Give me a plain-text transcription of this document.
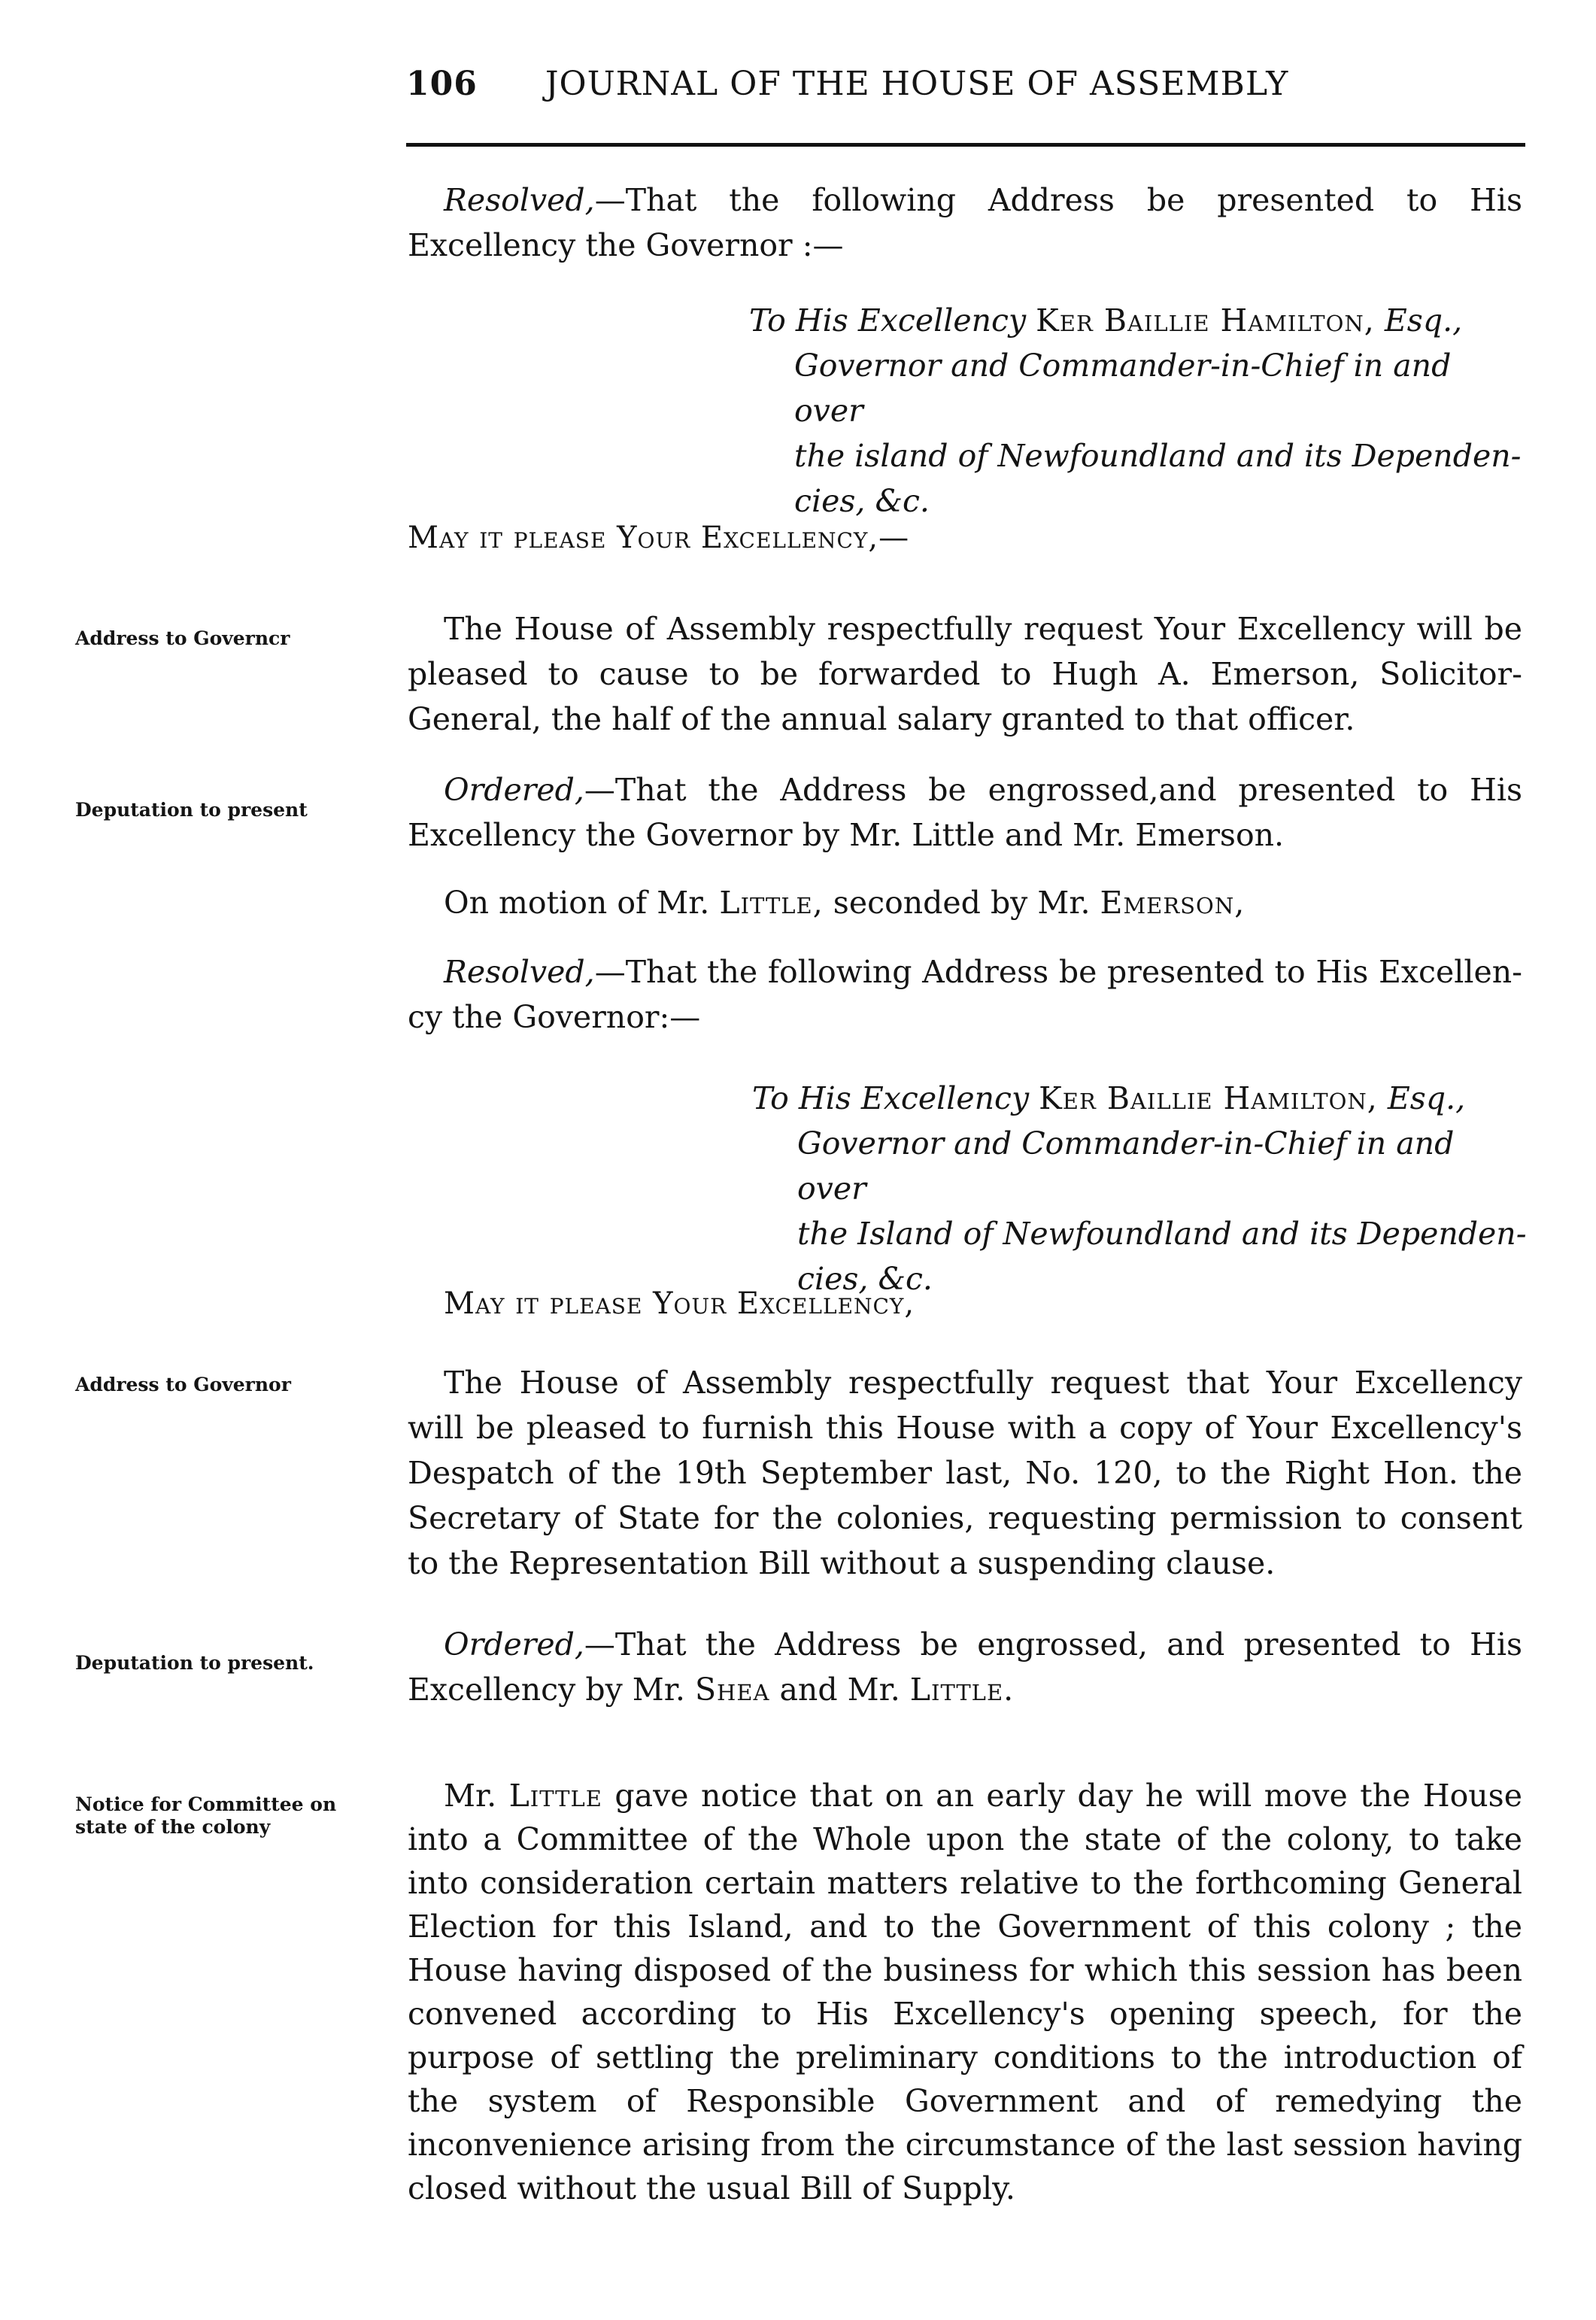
106 JOURNAL OF THE HOUSE OF ASSEMBLY
Resolved,—That the following Address be presented to His Excellency the Governor :—
To His Excellency Ker Baillie Hamilton, Esq.,
Governor and Commander-in-Chief in and over
the island of Newfoundland and its Dependen-
cies, &c.
May it please Your Excellency,—
Address to Governcr	The House of Assembly respectfully request Your Excellency will be pleased to cause to be forwarded to Hugh A. Emerson, Solicitor-General, the half of the annual salary granted to that officer.
Deputation to present
Ordered,—That the Address be engrossed,and presented to His Excellency the Governor by Mr. Little and Mr. Emerson.
On motion of Mr. Little, seconded by Mr. Emerson,
Resolved,—That the following Address be presented to His Excellency the Governor:—
To His Excellency Ker Baillie Hamilton, Esq.,
Governor and Commander-in-Chief in and over
the Island of Newfoundland and its Dependen-
cies, &c.
May it please Your Excellency,
Address to Governor	The House of Assembly respectfully request that Your Excellency will be pleased to furnish this House with a copy of Your Excellency's Despatch of the 19th September last, No. 120, to the Right Hon. the Secretary of State for the colonies, requesting permission to consent to the Representation Bill without a suspending clause.
Deputation to present.
Ordered,—That the Address be engrossed, and presented to His Excellency by Mr. Shea and Mr. Little.
Notice for Committee on state of the colony
Mr. Little gave notice that on an early day he will move the House into a Committee of the Whole upon the state of the colony, to take into consideration certain matters relative to the forthcoming General Election for this Island, and to the Government of this colony ; the House having disposed of the business for which this session has been convened according to His Excellency's opening speech, for the purpose of settling the preliminary conditions to the introduction of the system of Responsible Government and of remedying the inconvenience arising from the circumstance of the last session having closed without the usual Bill of Supply.
